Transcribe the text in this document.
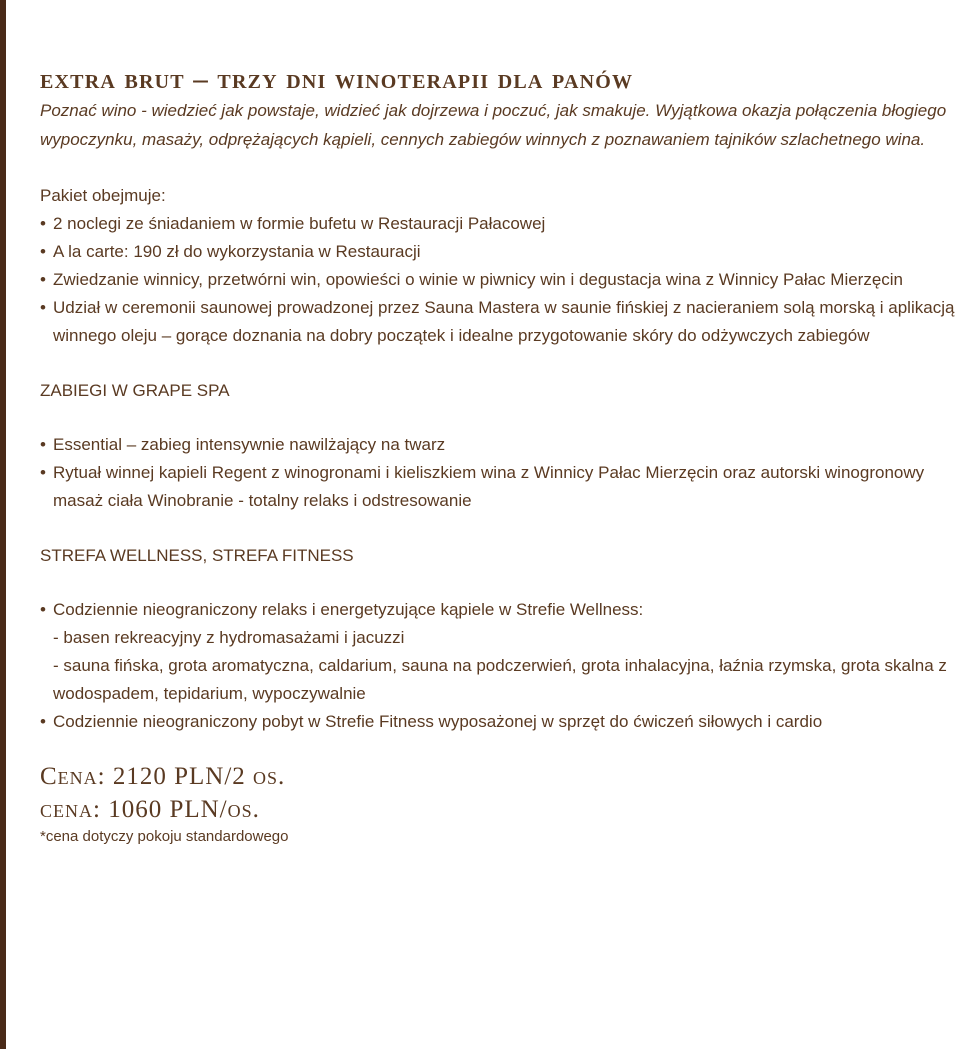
extra brut – trzy dni winoterapii dla panów

Poznać wino - wiedzieć jak powstaje, widzieć jak dojrzewa i poczuć, jak smakuje. Wyjątkowa okazja połączenia błogiego wypoczynku, masaży, odprężających kąpieli, cennych zabiegów winnych z poznawaniem tajników szlachetnego wina.

Pakiet obejmuje:

• 2 noclegi ze śniadaniem w formie bufetu w Restauracji Pałacowej
• A la carte: 190 zł do wykorzystania w Restauracji
• Zwiedzanie winnicy, przetwórni win, opowieści o winie w piwnicy win i degustacja wina z Winnicy Pałac Mierzęcin
• Udział w ceremonii saunowej prowadzonej przez Sauna Mastera w saunie fińskiej z nacieraniem solą morską i aplikacją winnego oleju – gorące doznania na dobry początek i idealne przygotowanie skóry do odżywczych zabiegów

ZABIEGI W GRAPE SPA

• Essential – zabieg intensywnie nawilżający na twarz
• Rytuał winnej kapieli Regent z winogronami i kieliszkiem wina z Winnicy Pałac Mierzęcin oraz autorski winogronowy masaż ciała Winobranie - totalny relaks i odstresowanie

STREFA WELLNESS, STREFA FITNESS

• Codziennie nieograniczony relaks i energetyzujące kąpiele w Strefie Wellness:
- basen rekreacyjny z hydromasażami i jacuzzi
- sauna fińska, grota aromatyczna, caldarium, sauna na podczerwień, grota inhalacyjna, łaźnia rzymska, grota skalna z wodospadem, tepidarium, wypoczywalnie
• Codziennie nieograniczony pobyt w Strefie Fitness wyposażonej w sprzęt do ćwiczeń siłowych i cardio

Cena: 2120 PLN/2 os.

cena: 1060 PLN/os.

*cena dotyczy pokoju standardowego
